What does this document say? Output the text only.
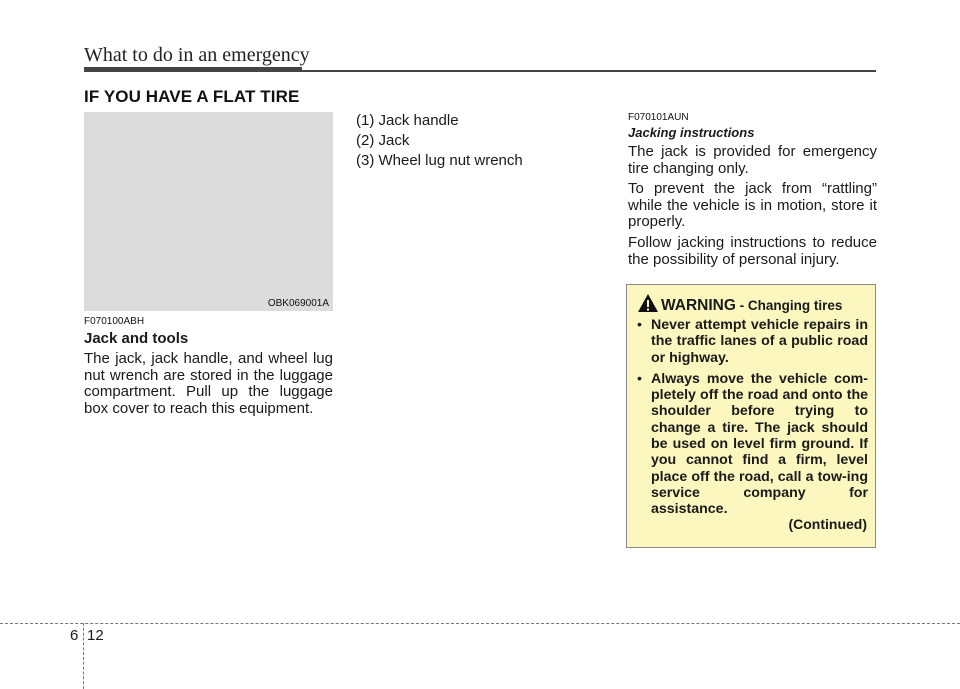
What to do in an emergency
IF YOU HAVE A FLAT TIRE
OBK069001A
F070100ABH
Jack and tools
The jack, jack handle, and wheel lug nut wrench are stored in the luggage compartment. Pull up the luggage box cover to reach this equipment.
(1) Jack handle
(2) Jack
(3) Wheel lug nut wrench
F070101AUN
Jacking instructions

The jack is provided for emergency tire changing only.

To prevent the jack from “rattling” while the vehicle is in motion, store it properly.

Follow jacking instructions to reduce the possibility of personal injury.

WARNING - Changing tires
• Never attempt vehicle repairs in the traffic lanes of a public road or highway.
• Always move the vehicle com-pletely off the road and onto the shoulder before trying to change a tire. The jack should be used on level firm ground. If you cannot find a firm, level place off the road, call a tow-ing service company for assistance.
(Continued)
6 12
